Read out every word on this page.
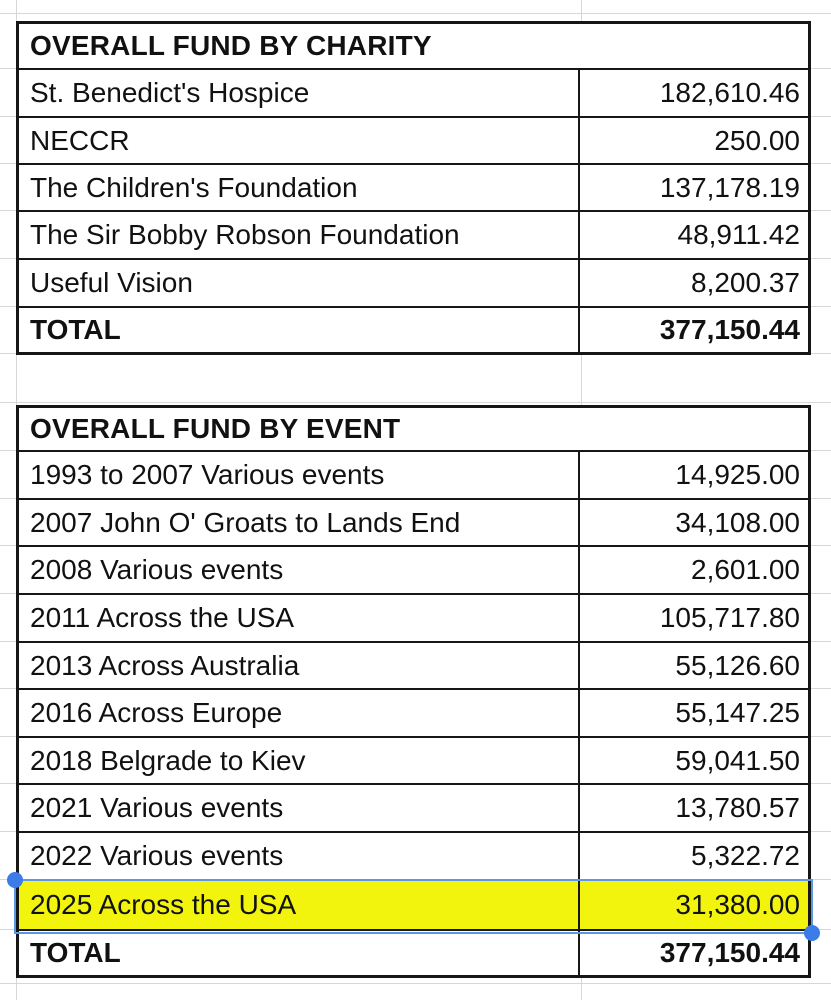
OVERALL FUND BY CHARITY
St. Benedict's Hospice	182,610.46
NECCR	250.00
The Children's Foundation	137,178.19
The Sir Bobby Robson Foundation	48,911.42
Useful Vision	8,200.37
TOTAL	377,150.44
OVERALL FUND BY EVENT
1993 to 2007 Various events	14,925.00
2007 John O' Groats to Lands End	34,108.00
2008 Various events	2,601.00
2011 Across the USA	105,717.80
2013 Across Australia	55,126.60
2016 Across Europe	55,147.25
2018 Belgrade to Kiev	59,041.50
2021 Various events	13,780.57
2022 Various events	5,322.72
2025 Across the USA	31,380.00
TOTAL	377,150.44
